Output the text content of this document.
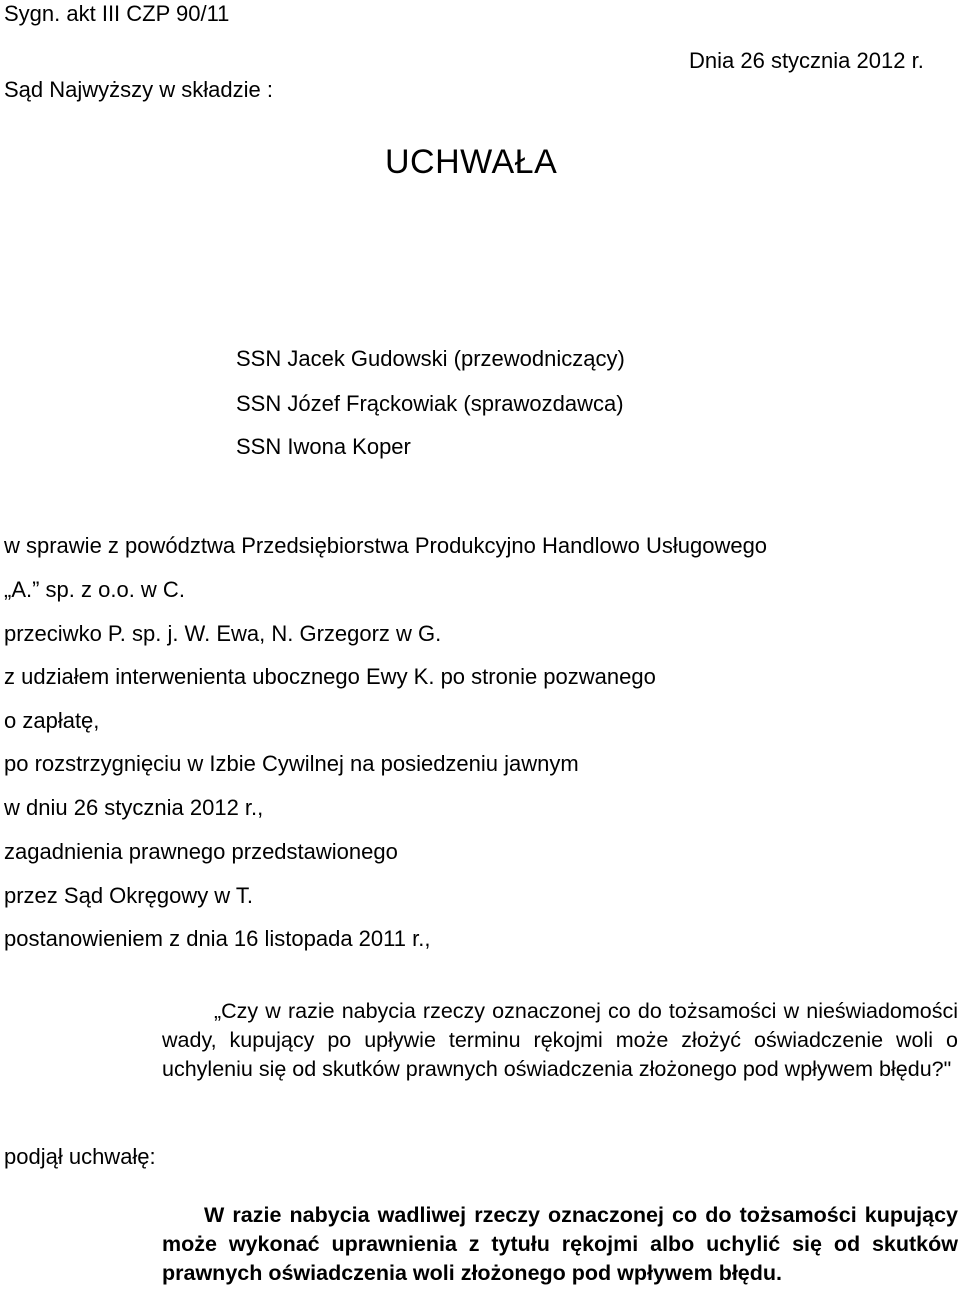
Sygn. akt III CZP 90/11

UCHWAŁA

Dnia 26 stycznia 2012 r.

Sąd Najwyższy w składzie :

SSN Jacek Gudowski (przewodniczący)

SSN Józef Frąckowiak (sprawozdawca)

SSN Iwona Koper

w sprawie z powództwa Przedsiębiorstwa Produkcyjno Handlowo Usługowego

„A.” sp. z o.o. w C.

przeciwko P. sp. j. W. Ewa, N. Grzegorz w G.

z udziałem interwenienta ubocznego Ewy K. po stronie pozwanego

o zapłatę,

po rozstrzygnięciu w Izbie Cywilnej na posiedzeniu jawnym

w dniu 26 stycznia 2012 r.,

zagadnienia prawnego przedstawionego

przez Sąd Okręgowy w T.

postanowieniem z dnia 16 listopada 2011 r.,

„Czy w razie nabycia rzeczy oznaczonej co do tożsamości w nieświadomości wady, kupujący po upływie terminu rękojmi może złożyć oświadczenie woli o uchyleniu się od skutków prawnych oświadczenia złożonego pod wpływem błędu?"

podjął uchwałę:

W razie nabycia wadliwej rzeczy oznaczonej co do tożsamości kupujący może wykonać uprawnienia z tytułu rękojmi albo uchylić się od skutków prawnych oświadczenia woli złożonego pod wpływem błędu.
